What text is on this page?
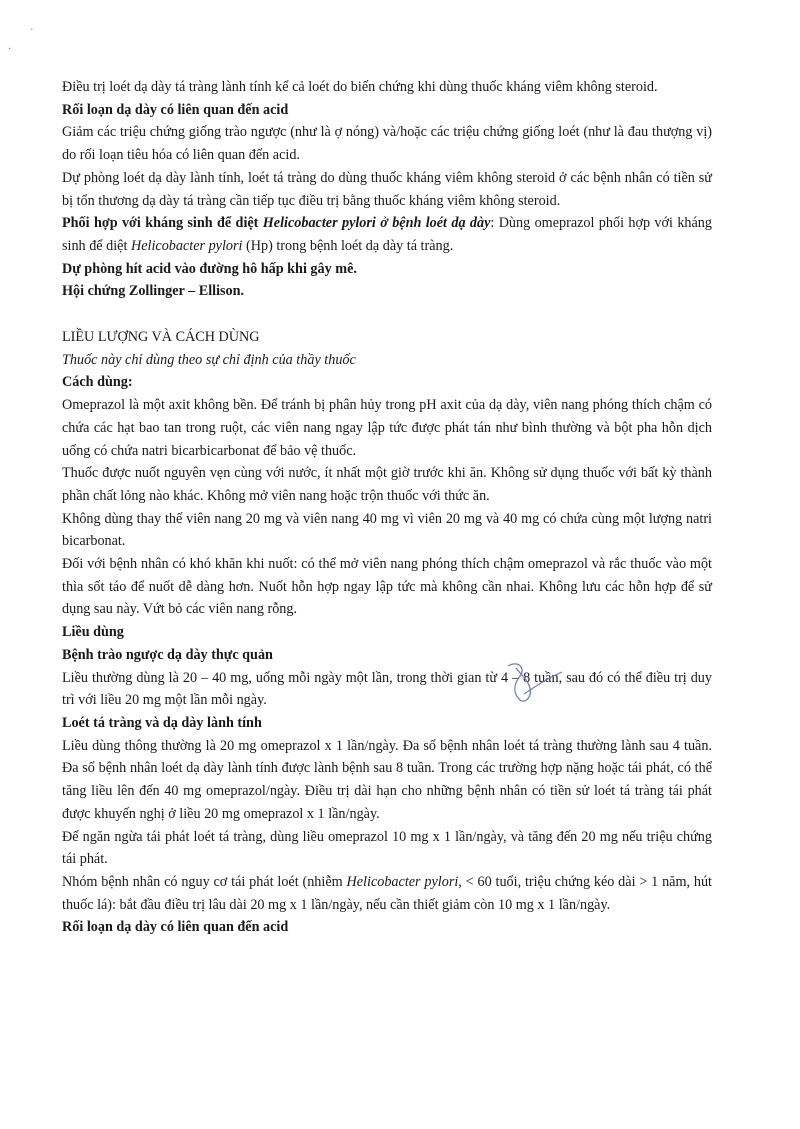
ˊ
·

Điều trị loét dạ dày tá tràng lành tính kể cả loét do biến chứng khi dùng thuốc kháng viêm không steroid.

Rối loạn dạ dày có liên quan đến acid

Giảm các triệu chứng giống trào ngược (như là ợ nóng) và/hoặc các triệu chứng giống loét (như là đau thượng vị) do rối loạn tiêu hóa có liên quan đến acid.

Dự phòng loét dạ dày lành tính, loét tá tràng do dùng thuốc kháng viêm không steroid ở các bệnh nhân có tiền sử bị tổn thương dạ dày tá tràng cần tiếp tục điều trị bằng thuốc kháng viêm không steroid.

Phối hợp với kháng sinh để diệt Helicobacter pylori ở bệnh loét dạ dày: Dùng omeprazol phối hợp với kháng sinh để diệt Helicobacter pylori (Hp) trong bệnh loét dạ dày tá tràng.

Dự phòng hít acid vào đường hô hấp khi gây mê.

Hội chứng Zollinger – Ellison.

LIỀU LƯỢNG VÀ CÁCH DÙNG

Thuốc này chỉ dùng theo sự chỉ định của thầy thuốc

Cách dùng:

Omeprazol là một axit không bền. Để tránh bị phân hủy trong pH axit của dạ dày, viên nang phóng thích chậm có chứa các hạt bao tan trong ruột, các viên nang ngay lập tức được phát tán như bình thường và bột pha hỗn dịch uống có chứa natri bicarbicarbonat để bảo vệ thuốc.

Thuốc được nuốt nguyên vẹn cùng với nước, ít nhất một giờ trước khi ăn. Không sử dụng thuốc với bất kỳ thành phần chất lỏng nào khác. Không mở viên nang hoặc trộn thuốc với thức ăn.

Không dùng thay thế viên nang 20 mg và viên nang 40 mg vì viên 20 mg và 40 mg có chứa cùng một lượng natri bicarbonat.

Đối với bệnh nhân có khó khăn khi nuốt: có thể mở viên nang phóng thích chậm omeprazol và rắc thuốc vào một thìa sốt táo để nuốt dễ dàng hơn. Nuốt hỗn hợp ngay lập tức mà không cần nhai. Không lưu các hỗn hợp để sử dụng sau này. Vứt bỏ các viên nang rỗng.

Liều dùng

Bệnh trào ngược dạ dày thực quản

Liều thường dùng là 20 – 40 mg, uống mỗi ngày một lần, trong thời gian từ 4 – 8 tuần, sau đó có thể điều trị duy trì với liều 20 mg một lần mỗi ngày.

Loét tá tràng và dạ dày lành tính

Liều dùng thông thường là 20 mg omeprazol x 1 lần/ngày. Đa số bệnh nhân loét tá tràng thường lành sau 4 tuần. Đa số bệnh nhân loét dạ dày lành tính được lành bệnh sau 8 tuần. Trong các trường hợp nặng hoặc tái phát, có thể tăng liều lên đến 40 mg omeprazol/ngày. Điều trị dài hạn cho những bệnh nhân có tiền sử loét tá tràng tái phát được khuyến nghị ở liều 20 mg omeprazol x 1 lần/ngày.

Để ngăn ngừa tái phát loét tá tràng, dùng liều omeprazol 10 mg x 1 lần/ngày, và tăng đến 20 mg nếu triệu chứng tái phát.

Nhóm bệnh nhân có nguy cơ tái phát loét (nhiễm Helicobacter pylori, < 60 tuổi, triệu chứng kéo dài > 1 năm, hút thuốc lá): bắt đầu điều trị lâu dài 20 mg x 1 lần/ngày, nếu cần thiết giảm còn 10 mg x 1 lần/ngày.

Rối loạn dạ dày có liên quan đến acid
